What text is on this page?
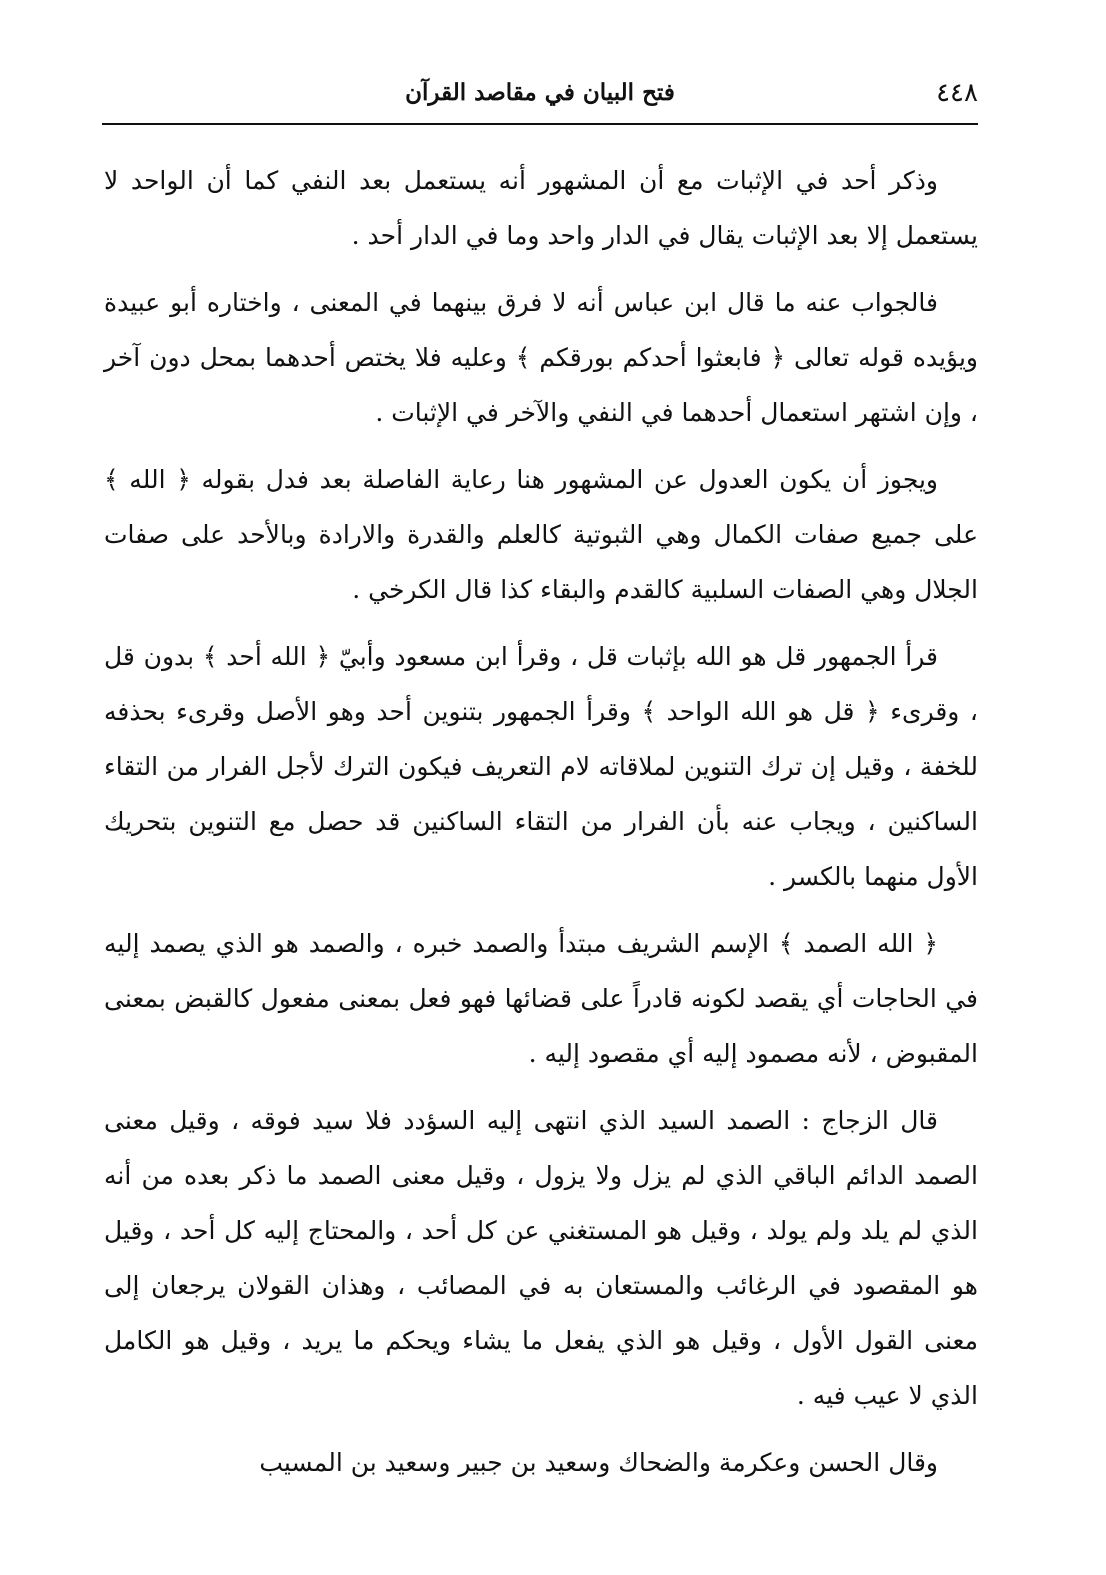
٤٤٨
فتح البيان في مقاصد القرآن

وذكر أحد في الإثبات مع أن المشهور أنه يستعمل بعد النفي كما أن الواحد لا يستعمل إلا بعد الإثبات يقال في الدار واحد وما في الدار أحد .

فالجواب عنه ما قال ابن عباس أنه لا فرق بينهما في المعنى ، واختاره أبو عبيدة ويؤيده قوله تعالى ﴿ فابعثوا أحدكم بورقكم ﴾ وعليه فلا يختص أحدهما بمحل دون آخر ، وإن اشتهر استعمال أحدهما في النفي والآخر في الإثبات .

ويجوز أن يكون العدول عن المشهور هنا رعاية الفاصلة بعد فدل بقوله ﴿ الله ﴾ على جميع صفات الكمال وهي الثبوتية كالعلم والقدرة والارادة وبالأحد على صفات الجلال وهي الصفات السلبية كالقدم والبقاء كذا قال الكرخي .

قرأ الجمهور قل هو الله بإثبات قل ، وقرأ ابن مسعود وأبيّ ﴿ الله أحد ﴾ بدون قل ، وقرىء ﴿ قل هو الله الواحد ﴾ وقرأ الجمهور بتنوين أحد وهو الأصل وقرىء بحذفه للخفة ، وقيل إن ترك التنوين لملاقاته لام التعريف فيكون الترك لأجل الفرار من التقاء الساكنين ، ويجاب عنه بأن الفرار من التقاء الساكنين قد حصل مع التنوين بتحريك الأول منهما بالكسر .

﴿ الله الصمد ﴾ الإسم الشريف مبتدأ والصمد خبره ، والصمد هو الذي يصمد إليه في الحاجات أي يقصد لكونه قادراً على قضائها فهو فعل بمعنى مفعول كالقبض بمعنى المقبوض ، لأنه مصمود إليه أي مقصود إليه .

قال الزجاج : الصمد السيد الذي انتهى إليه السؤدد فلا سيد فوقه ، وقيل معنى الصمد الدائم الباقي الذي لم يزل ولا يزول ، وقيل معنى الصمد ما ذكر بعده من أنه الذي لم يلد ولم يولد ، وقيل هو المستغني عن كل أحد ، والمحتاج إليه كل أحد ، وقيل هو المقصود في الرغائب والمستعان به في المصائب ، وهذان القولان يرجعان إلى معنى القول الأول ، وقيل هو الذي يفعل ما يشاء ويحكم ما يريد ، وقيل هو الكامل الذي لا عيب فيه .

وقال الحسن وعكرمة والضحاك وسعيد بن جبير وسعيد بن المسيب
